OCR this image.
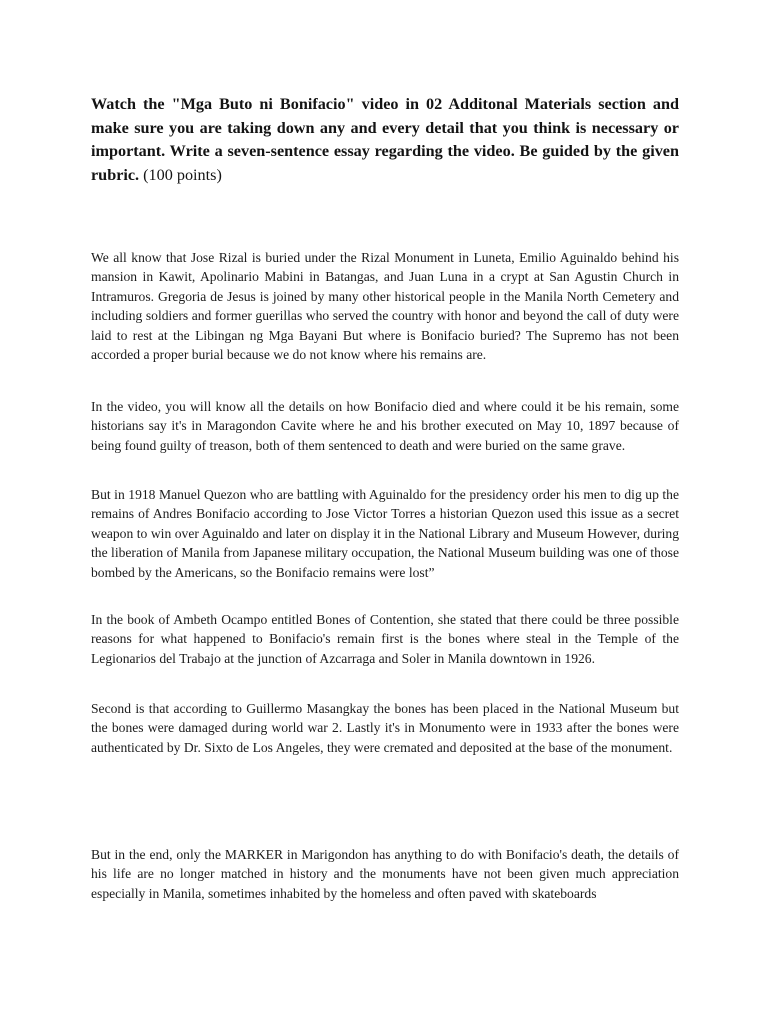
Watch the "Mga Buto ni Bonifacio" video in 02 Additonal Materials section and make sure you are taking down any and every detail that you think is necessary or important. Write a seven-sentence essay regarding the video. Be guided by the given rubric. (100 points)

We all know that Jose Rizal is buried under the Rizal Monument in Luneta, Emilio Aguinaldo behind his mansion in Kawit, Apolinario Mabini in Batangas, and Juan Luna in a crypt at San Agustin Church in Intramuros. Gregoria de Jesus is joined by many other historical people in the Manila North Cemetery and including soldiers and former guerillas who served the country with honor and beyond the call of duty were laid to rest at the Libingan ng Mga Bayani But where is Bonifacio buried? The Supremo has not been accorded a proper burial because we do not know where his remains are.

In the video, you will know all the details on how Bonifacio died and where could it be his remain, some historians say it's in Maragondon Cavite where he and his brother executed on May 10, 1897 because of being found guilty of treason, both of them sentenced to death and were buried on the same grave.

But in 1918 Manuel Quezon who are battling with Aguinaldo for the presidency order his men to dig up the remains of Andres Bonifacio according to Jose Victor Torres a historian Quezon used this issue as a secret weapon to win over Aguinaldo and later on display it in the National Library and Museum However, during the liberation of Manila from Japanese military occupation, the National Museum building was one of those bombed by the Americans, so the Bonifacio remains were lost”

In the book of Ambeth Ocampo entitled Bones of Contention, she stated that there could be three possible reasons for what happened to Bonifacio's remain first is the bones where steal in the Temple of the Legionarios del Trabajo at the junction of Azcarraga and Soler in Manila downtown in 1926.

Second is that according to Guillermo Masangkay the bones has been placed in the National Museum but the bones were damaged during world war 2. Lastly it's in Monumento were in 1933 after the bones were authenticated by Dr. Sixto de Los Angeles, they were cremated and deposited at the base of the monument.

But in the end, only the MARKER in Marigondon has anything to do with Bonifacio's death, the details of his life are no longer matched in history and the monuments have not been given much appreciation especially in Manila, sometimes inhabited by the homeless and often paved with skateboards
